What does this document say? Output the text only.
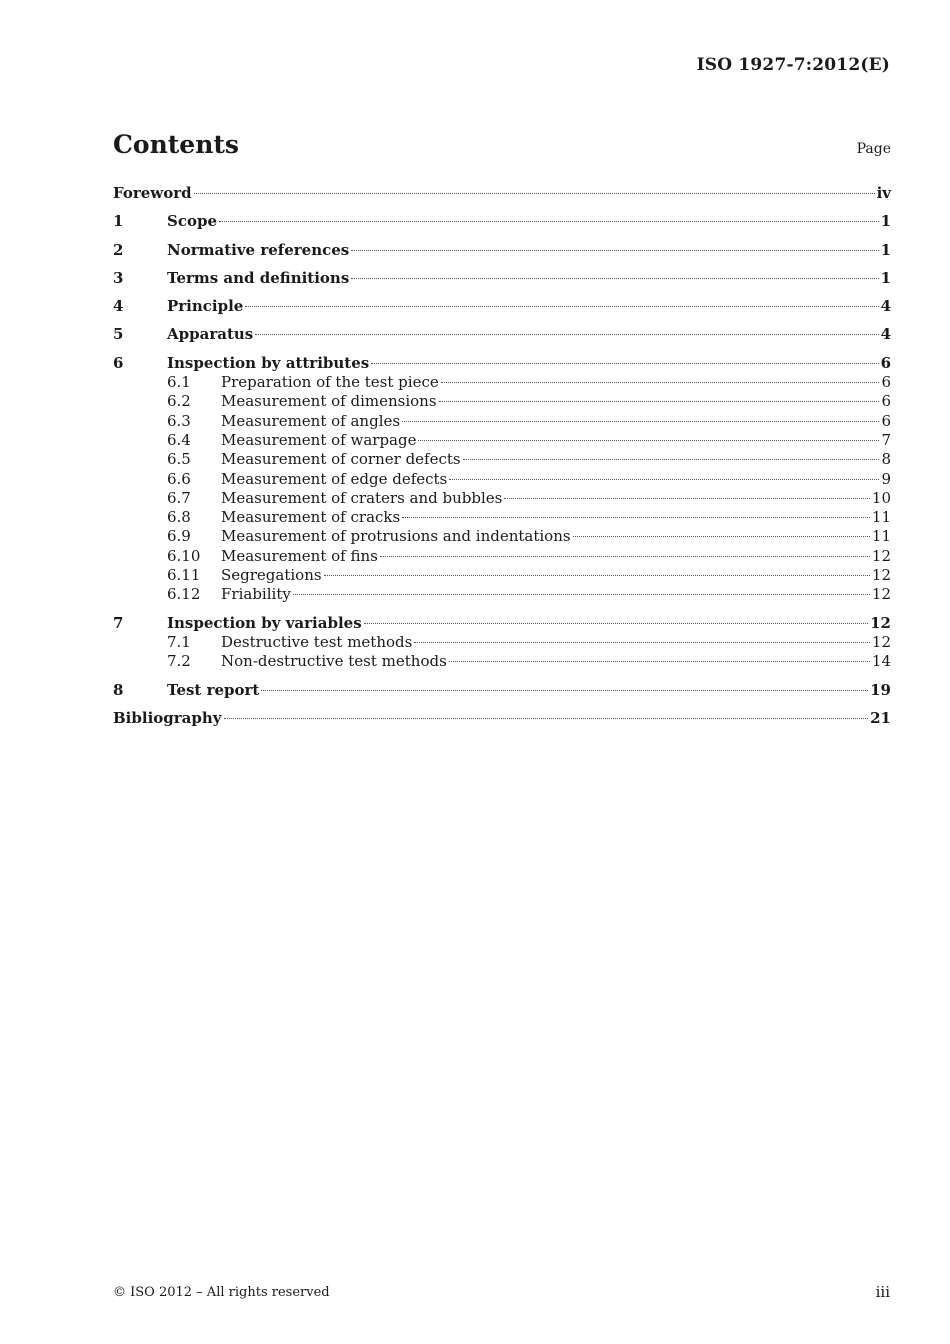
ISO 1927-7:2012(E)
Contents	Page
Foreword	iv
1	Scope	1
2	Normative references	1
3	Terms and definitions	1
4	Principle	4
5	Apparatus	4
6	Inspection by attributes	6
6.1	Preparation of the test piece	6
6.2	Measurement of dimensions	6
6.3	Measurement of angles	6
6.4	Measurement of warpage	7
6.5	Measurement of corner defects	8
6.6	Measurement of edge defects	9
6.7	Measurement of craters and bubbles	10
6.8	Measurement of cracks	11
6.9	Measurement of protrusions and indentations	11
6.10	Measurement of fins	12
6.11	Segregations	12
6.12	Friability	12
7	Inspection by variables	12
7.1	Destructive test methods	12
7.2	Non-destructive test methods	14
8	Test report	19
Bibliography	21
© ISO 2012 – All rights reserved	iii
